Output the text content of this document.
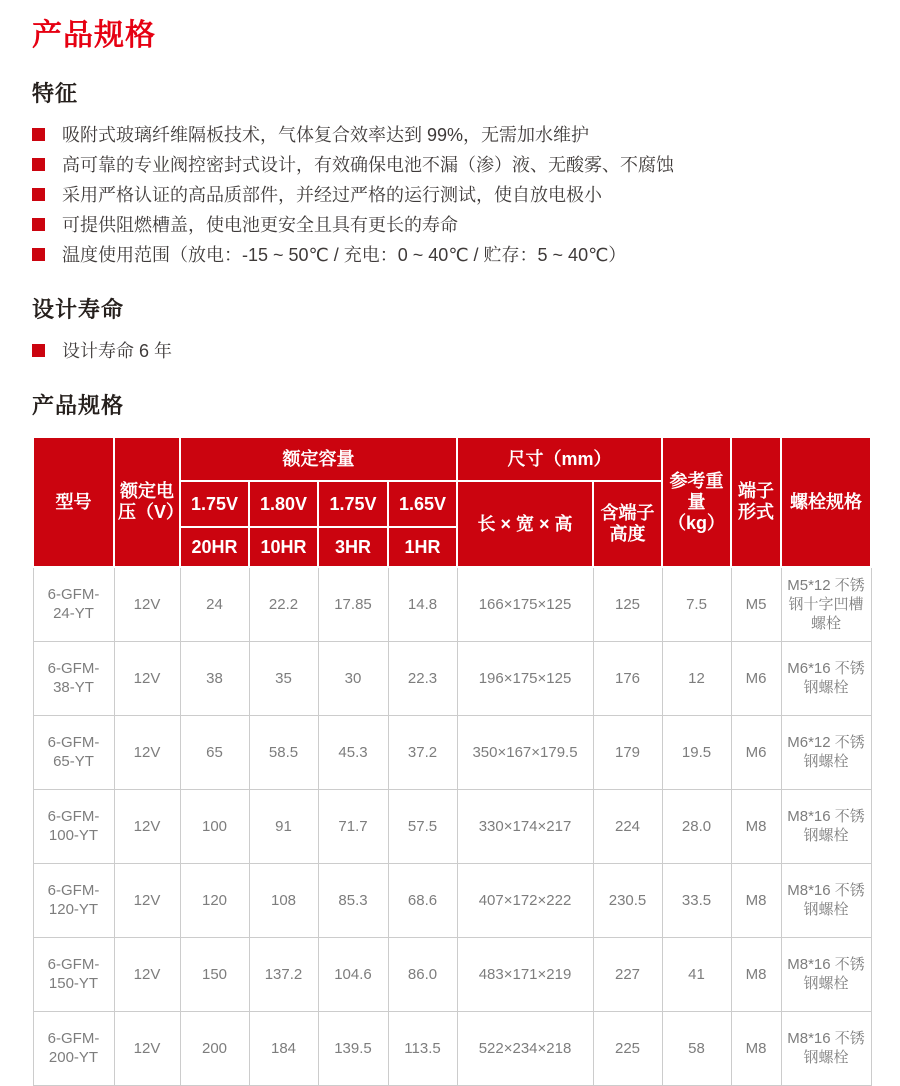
产品规格
特征
吸附式玻璃纤维隔板技术，气体复合效率达到 99%，无需加水维护
高可靠的专业阀控密封式设计，有效确保电池不漏（渗）液、无酸雾、不腐蚀
采用严格认证的高品质部件，并经过严格的运行测试，使自放电极小
可提供阻燃槽盖，使电池更安全且具有更长的寿命
温度使用范围（放电：-15 ~ 50℃ / 充电：0 ~ 40℃ / 贮存：5 ~ 40℃）
设计寿命
设计寿命 6 年
产品规格
型号	额定电压（V）	额定容量				尺寸（mm）		参考重量（kg）	端子形式	螺栓规格
		1.75V	1.80V	1.75V	1.65V	长 × 宽 × 高	含端子高度			
		20HR	10HR	3HR	1HR					
6-GFM-24-YT	12V	24	22.2	17.85	14.8	166×175×125	125	7.5	M5	M5*12 不锈钢十字凹槽螺栓
6-GFM-38-YT	12V	38	35	30	22.3	196×175×125	176	12	M6	M6*16 不锈钢螺栓
6-GFM-65-YT	12V	65	58.5	45.3	37.2	350×167×179.5	179	19.5	M6	M6*12 不锈钢螺栓
6-GFM-100-YT	12V	100	91	71.7	57.5	330×174×217	224	28.0	M8	M8*16 不锈钢螺栓
6-GFM-120-YT	12V	120	108	85.3	68.6	407×172×222	230.5	33.5	M8	M8*16 不锈钢螺栓
6-GFM-150-YT	12V	150	137.2	104.6	86.0	483×171×219	227	41	M8	M8*16 不锈钢螺栓
6-GFM-200-YT	12V	200	184	139.5	113.5	522×234×218	225	58	M8	M8*16 不锈钢螺栓
